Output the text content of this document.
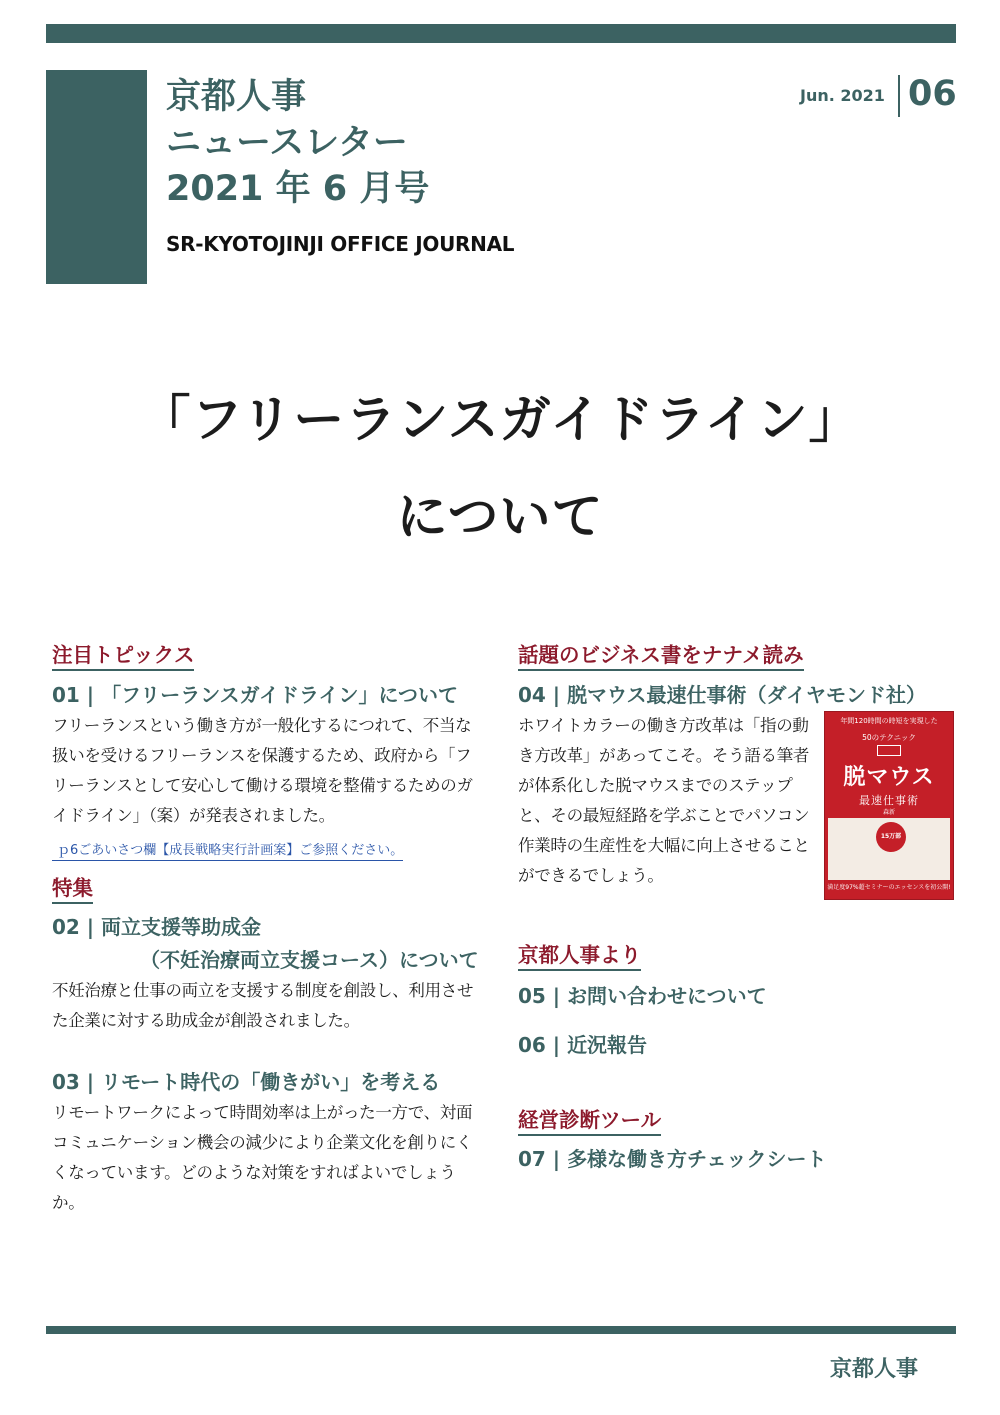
京都人事
ニュースレター
2021 年 6 月号

SR-KYOTOJINJI OFFICE JOURNAL

Jun. 2021 06
「フリーランスガイドライン」
について
注目トピックス
01 | 「フリーランスガイドライン」について

フリーランスという働き方が一般化するにつれて、不当な扱いを受けるフリーランスを保護するため、政府から「フリーランスとして安心して働ける環境を整備するためのガイドライン」（案）が発表されました。

ｐ6ごあいさつ欄【成長戦略実行計画案】ご参照ください。
特集
02 | 両立支援等助成金
（不妊治療両立支援コース）について

不妊治療と仕事の両立を支援する制度を創設し、利用させた企業に対する助成金が創設されました。

03 | リモート時代の「働きがい」を考える

リモートワークによって時間効率は上がった一方で、対面コミュニケーション機会の減少により企業文化を創りにくくなっています。どのような対策をすればよいでしょうか。

話題のビジネス書をナナメ読み
04 | 脱マウス最速仕事術（ダイヤモンド社）
年間120時間の時短を実現した
50のテクニック
脱マウス
最速仕事術
森新
15万部
満足度97%超セミナーのエッセンスを初公開!

ホワイトカラーの働き方改革は「指の動き方改革」があってこそ。そう語る筆者が体系化した脱マウスまでのステップと、その最短経路を学ぶことでパソコン作業時の生産性を大幅に向上させることができるでしょう。

京都人事より
05 | お問い合わせについて
06 | 近況報告
経営診断ツール
07 | 多様な働き方チェックシート
京都人事
